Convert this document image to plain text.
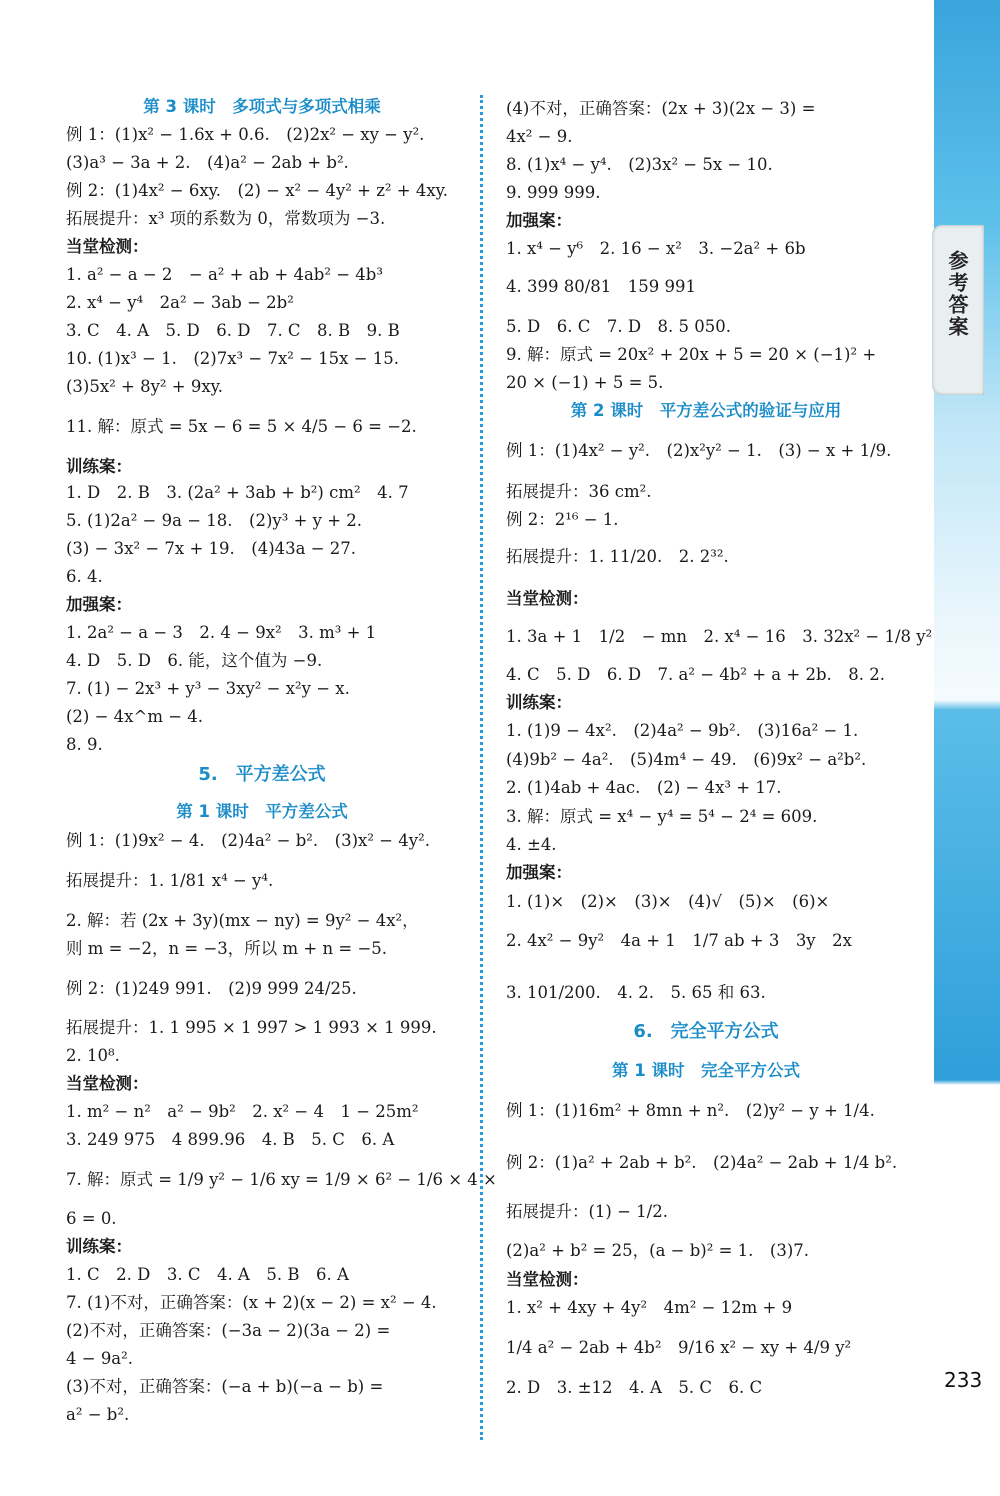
参考答案
233
第 3 课时　多项式与多项式相乘
例 1：(1)x² − 1.6x + 0.6.　(2)2x² − xy − y².
(3)a³ − 3a + 2.　(4)a² − 2ab + b².
例 2：(1)4x² − 6xy.　(2) − x² − 4y² + z² + 4xy.
拓展提升：x³ 项的系数为 0，常数项为 −3.
当堂检测：
1. a² − a − 2　− a² + ab + 4ab² − 4b³
2. x⁴ − y⁴　2a² − 3ab − 2b²
3. C　4. A　5. D　6. D　7. C　8. B　9. B
10. (1)x³ − 1.　(2)7x³ − 7x² − 15x − 15.
(3)5x² + 8y² + 9xy.
11. 解：原式 = 5x − 6 = 5 × 4/5 − 6 = −2.
训练案：
1. D　2. B　3. (2a² + 3ab + b²) cm²　4. 7
5. (1)2a² − 9a − 18.　(2)y³ + y + 2.
(3) − 3x² − 7x + 19.　(4)43a − 27.
6. 4.
加强案：
1. 2a² − a − 3　2. 4 − 9x²　3. m³ + 1
4. D　5. D　6. 能，这个值为 −9.
7. (1) − 2x³ + y³ − 3xy² − x²y − x.
(2) − 4x^m − 4.
8. 9.
5.　平方差公式
第 1 课时　平方差公式
例 1：(1)9x² − 4.　(2)4a² − b².　(3)x² − 4y².
拓展提升：1. 1/81 x⁴ − y⁴.
2. 解：若 (2x + 3y)(mx − ny) = 9y² − 4x²，
则 m = −2，n = −3，所以 m + n = −5.
例 2：(1)249 991.　(2)9 999 24/25.
拓展提升：1. 1 995 × 1 997 > 1 993 × 1 999.
2. 10⁸.
当堂检测：
1. m² − n²　a² − 9b²　2. x² − 4　1 − 25m²
3. 249 975　4 899.96　4. B　5. C　6. A
7. 解：原式 = 1/9 y² − 1/6 xy = 1/9 × 6² − 1/6 × 4 ×
6 = 0.
训练案：
1. C　2. D　3. C　4. A　5. B　6. A
7. (1)不对，正确答案：(x + 2)(x − 2) = x² − 4.
(2)不对，正确答案：(−3a − 2)(3a − 2) =
4 − 9a².
(3)不对，正确答案：(−a + b)(−a − b) =
a² − b².
(4)不对，正确答案：(2x + 3)(2x − 3) =
4x² − 9.
8. (1)x⁴ − y⁴.　(2)3x² − 5x − 10.
9. 999 999.
加强案：
1. x⁴ − y⁶　2. 16 − x²　3. −2a² + 6b
4. 399 80/81　159 991
5. D　6. C　7. D　8. 5 050.
9. 解：原式 = 20x² + 20x + 5 = 20 × (−1)² +
20 × (−1) + 5 = 5.
第 2 课时　平方差公式的验证与应用
例 1：(1)4x² − y².　(2)x²y² − 1.　(3) − x + 1/9.
拓展提升：36 cm².
例 2：2¹⁶ − 1.
拓展提升：1. 11/20.　2. 2³².
当堂检测：
1. 3a + 1　1/2　− mn　2. x⁴ − 16　3. 32x² − 1/8 y²
4. C　5. D　6. D　7. a² − 4b² + a + 2b.　8. 2.
训练案：
1. (1)9 − 4x².　(2)4a² − 9b².　(3)16a² − 1.
(4)9b² − 4a².　(5)4m⁴ − 49.　(6)9x² − a²b².
2. (1)4ab + 4ac.　(2) − 4x³ + 17.
3. 解：原式 = x⁴ − y⁴ = 5⁴ − 2⁴ = 609.
4. ±4.
加强案：
1. (1)×　(2)×　(3)×　(4)√　(5)×　(6)×
2. 4x² − 9y²　4a + 1　1/7 ab + 3　3y　2x
3. 101/200.　4. 2.　5. 65 和 63.
6.　完全平方公式
第 1 课时　完全平方公式
例 1：(1)16m² + 8mn + n².　(2)y² − y + 1/4.
例 2：(1)a² + 2ab + b².　(2)4a² − 2ab + 1/4 b².
拓展提升：(1) − 1/2.
(2)a² + b² = 25，(a − b)² = 1.　(3)7.
当堂检测：
1. x² + 4xy + 4y²　4m² − 12m + 9
1/4 a² − 2ab + 4b²　9/16 x² − xy + 4/9 y²
2. D　3. ±12　4. A　5. C　6. C
